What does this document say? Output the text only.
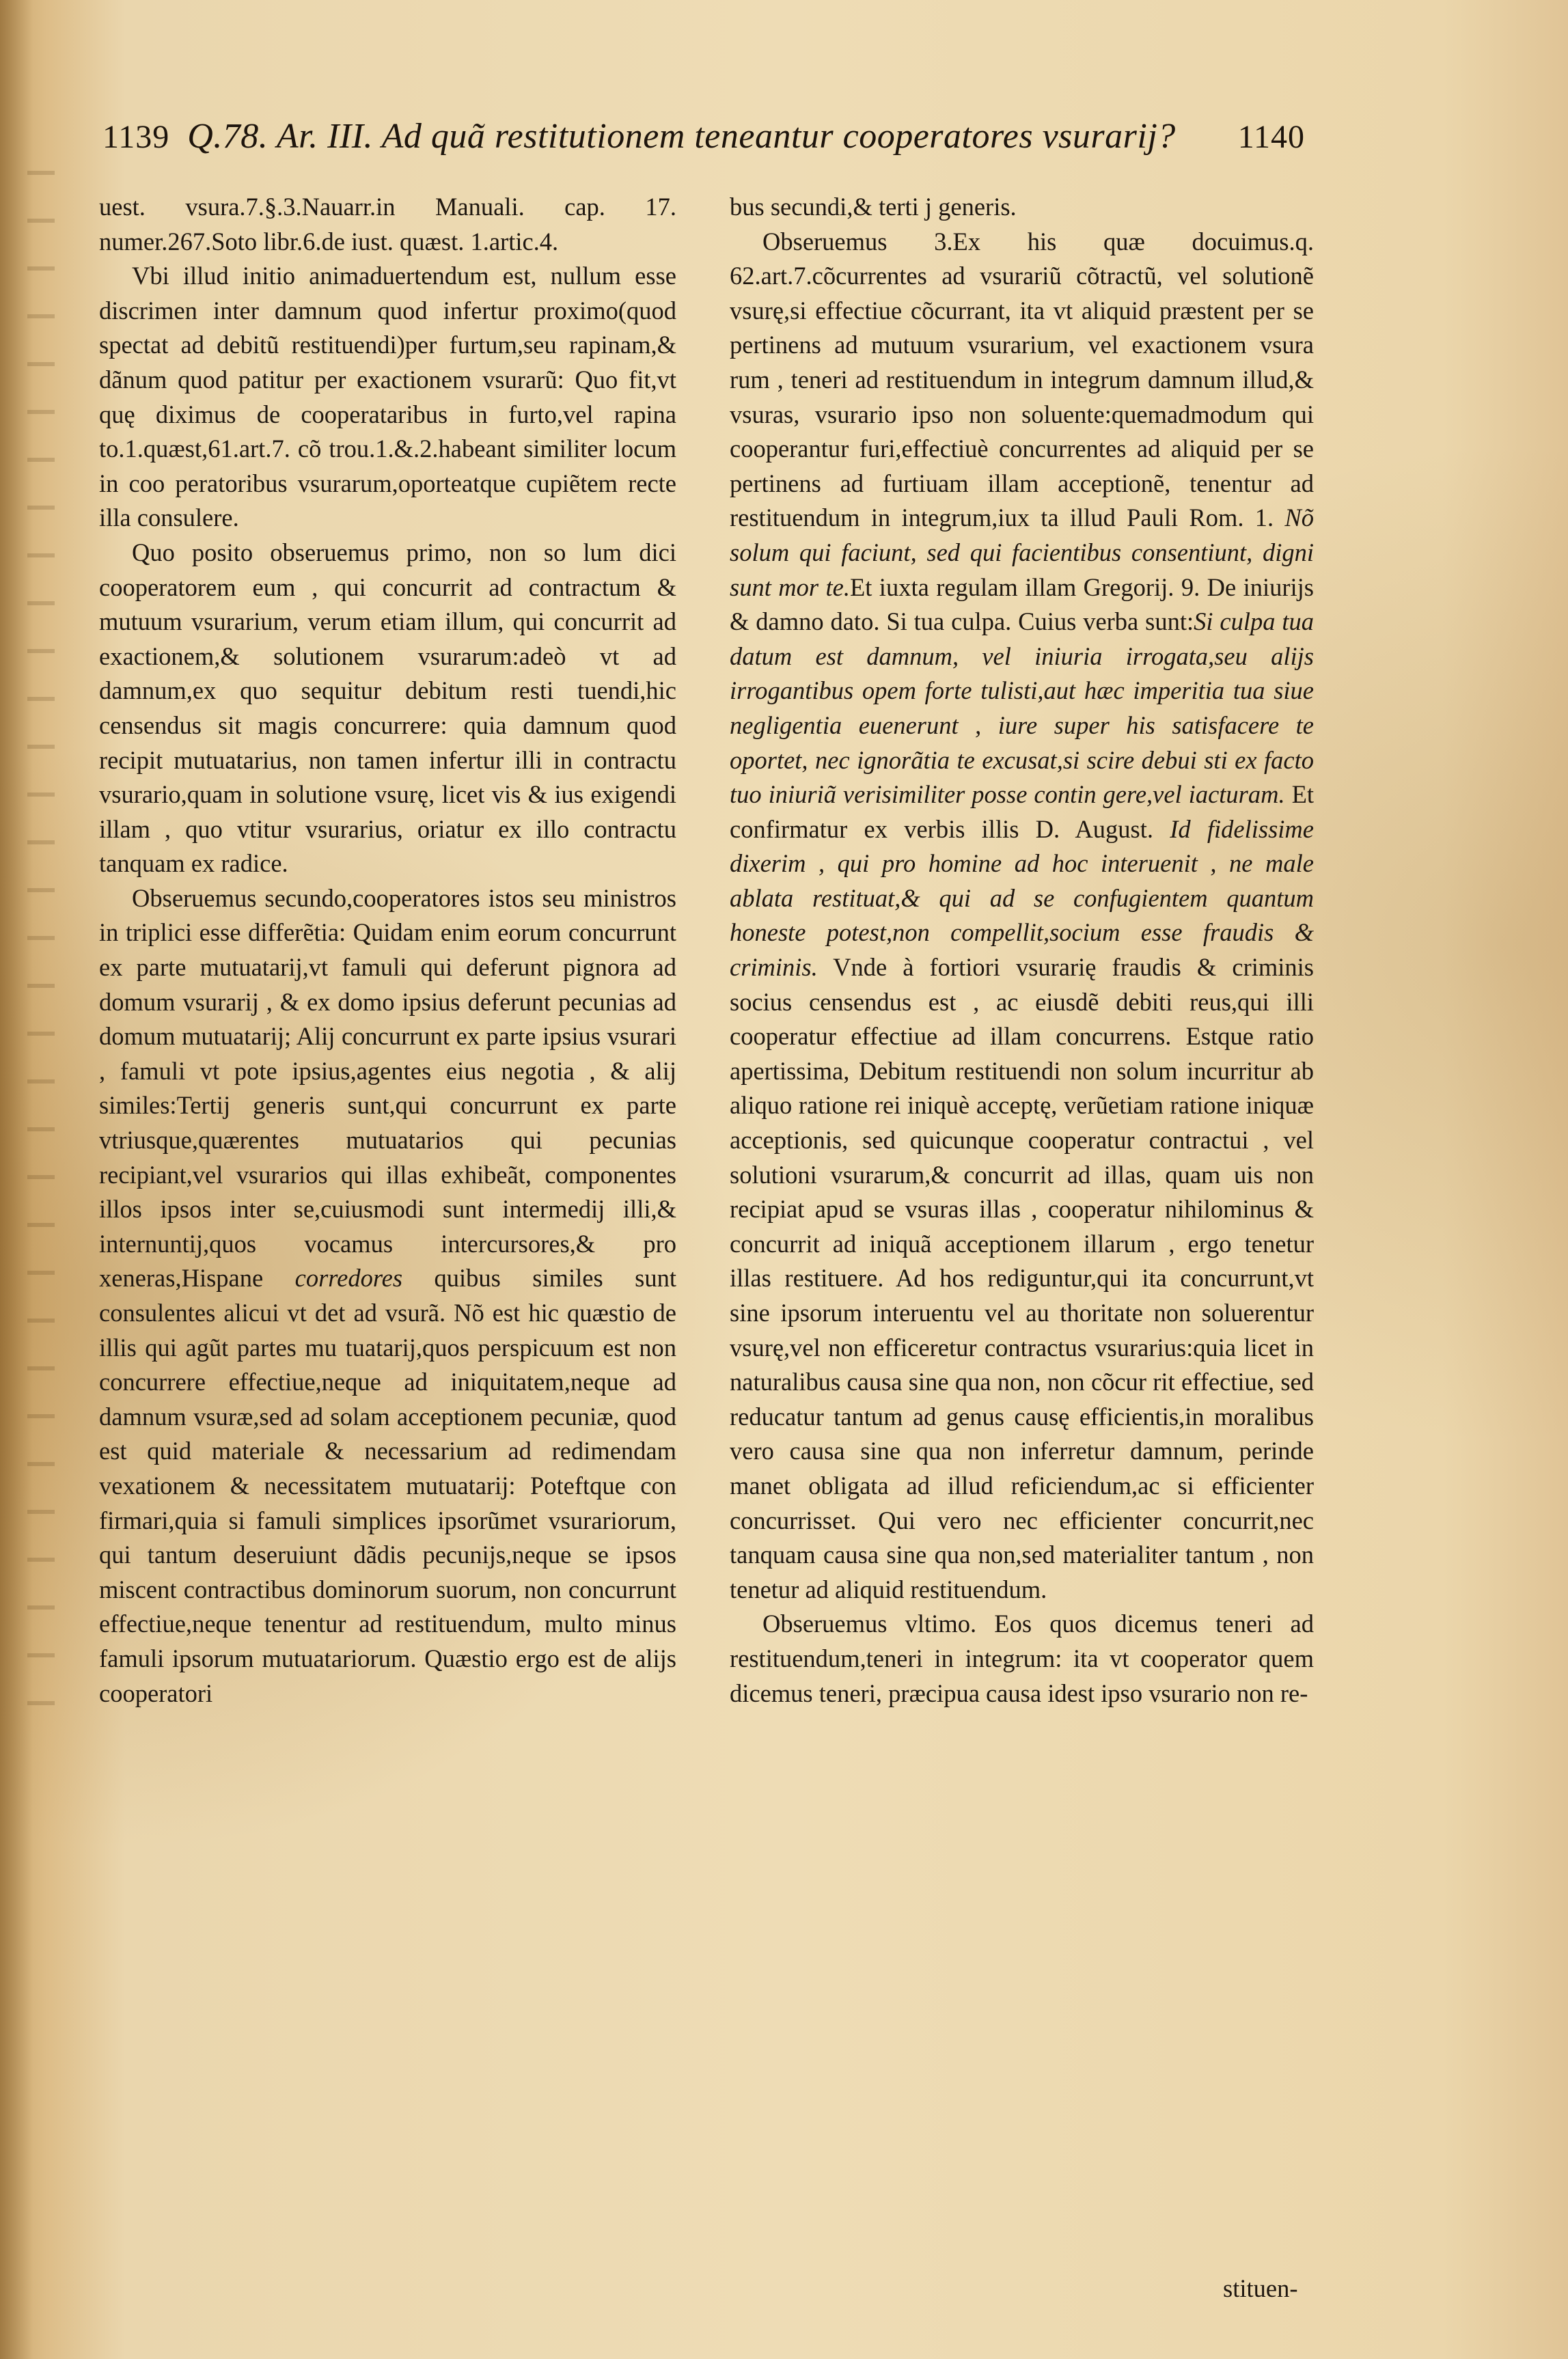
1139 Q.78. Ar. III. Ad quã restitutionem teneantur cooperatores vsurarij?	1140

uest. vsura.7.§.3.Nauarr.in Manuali. cap. 17. numer.267.Soto libr.6.de iust. quæst. 1.artic.4.

Vbi illud initio animaduertendum est, nullum esse discrimen inter damnum quod infertur proximo(quod spectat ad debitũ restituendi)per furtum,seu rapinam,& dãnum quod patitur per exactionem vsurarũ: Quo fit,vt quę diximus de cooperataribus in furto,vel rapina to.1.quæst,61.art.7. cõ trou.1.&.2.habeant similiter locum in coo peratoribus vsurarum,oporteatque cupiẽtem recte illa consulere.

Quo posito obseruemus primo, non so lum dici cooperatorem eum , qui concurrit ad contractum & mutuum vsurarium, verum etiam illum, qui concurrit ad exactionem,& solutionem vsurarum:adeò vt ad damnum,ex quo sequitur debitum resti tuendi,hic censendus sit magis concurrere: quia damnum quod recipit mutuatarius, non tamen infertur illi in contractu vsurario,quam in solutione vsurę, licet vis & ius exigendi illam , quo vtitur vsurarius, oriatur ex illo contractu tanquam ex radice.

Obseruemus secundo,cooperatores istos seu ministros in triplici esse differẽtia: Quidam enim eorum concurrunt ex parte mutuatarij,vt famuli qui deferunt pignora ad domum vsurarij , & ex domo ipsius deferunt pecunias ad domum mutuatarij; Alij concurrunt ex parte ipsius vsurari , famuli vt pote ipsius,agentes eius negotia , & alij similes:Tertij generis sunt,qui concurrunt ex parte vtriusque,quærentes mutuatarios qui pecunias recipiant,vel vsurarios qui illas exhibeãt, componentes illos ipsos inter se,cuiusmodi sunt intermedij illi,& internuntij,quos vocamus intercursores,& pro xeneras,Hispane corredores quibus similes sunt consulentes alicui vt det ad vsurã. Nõ est hic quæstio de illis qui agũt partes mu tuatarij,quos perspicuum est non concurrere effectiue,neque ad iniquitatem,neque ad damnum vsuræ,sed ad solam acceptionem pecuniæ, quod est quid materiale & necessarium ad redimendam vexationem & necessitatem mutuatarij: Poteftque con firmari,quia si famuli simplices ipsorũmet vsurariorum, qui tantum deseruiunt dãdis pecunijs,neque se ipsos miscent contractibus dominorum suorum, non concurrunt effectiue,neque tenentur ad restituendum, multo minus famuli ipsorum mutuatariorum. Quæstio ergo est de alijs cooperatori

bus secundi,& terti j generis.

Obseruemus 3.Ex his quæ docuimus.q. 62.art.7.cõcurrentes ad vsurariũ cõtractũ, vel solutionẽ vsurę,si effectiue cõcurrant, ita vt aliquid præstent per se pertinens ad mutuum vsurarium, vel exactionem vsura rum , teneri ad restituendum in integrum damnum illud,& vsuras, vsurario ipso non soluente:quemadmodum qui cooperantur furi,effectiuè concurrentes ad aliquid per se pertinens ad furtiuam illam acceptionẽ, tenentur ad restituendum in integrum,iux ta illud Pauli Rom. 1. Nõ solum qui faciunt, sed qui facientibus consentiunt, digni sunt mor te.Et iuxta regulam illam Gregorij. 9. De iniurijs & damno dato. Si tua culpa. Cuius verba sunt:Si culpa tua datum est damnum, vel iniuria irrogata,seu alijs irrogantibus opem forte tulisti,aut hæc imperitia tua siue negligentia euenerunt , iure super his satisfacere te oportet, nec ignorãtia te excusat,si scire debui sti ex facto tuo iniuriã verisimiliter posse contin gere,vel iacturam. Et confirmatur ex verbis illis D. August. Id fidelissime dixerim , qui pro homine ad hoc interuenit , ne male ablata restituat,& qui ad se confugientem quantum honeste potest,non compellit,socium esse fraudis & criminis. Vnde à fortiori vsurarię fraudis & criminis socius censendus est , ac eiusdẽ debiti reus,qui illi cooperatur effectiue ad illam concurrens. Estque ratio apertissima, Debitum restituendi non solum incurritur ab aliquo ratione rei iniquè acceptę, verũetiam ratione iniquæ acceptionis, sed quicunque cooperatur contractui , vel solutioni vsurarum,& concurrit ad illas, quam uis non recipiat apud se vsuras illas , cooperatur nihilominus & concurrit ad iniquã acceptionem illarum , ergo tenetur illas restituere. Ad hos rediguntur,qui ita concurrunt,vt sine ipsorum interuentu vel au thoritate non soluerentur vsurę,vel non efficeretur contractus vsurarius:quia licet in naturalibus causa sine qua non, non cõcur rit effectiue, sed reducatur tantum ad genus causę efficientis,in moralibus vero causa sine qua non inferretur damnum, perinde manet obligata ad illud reficiendum,ac si efficienter concurrisset. Qui vero nec efficienter concurrit,nec tanquam causa sine qua non,sed materialiter tantum , non tenetur ad aliquid restituendum.

Obseruemus vltimo. Eos quos dicemus teneri ad restituendum,teneri in integrum: ita vt cooperator quem dicemus teneri, præcipua causa idest ipso vsurario non re-

stituen-
